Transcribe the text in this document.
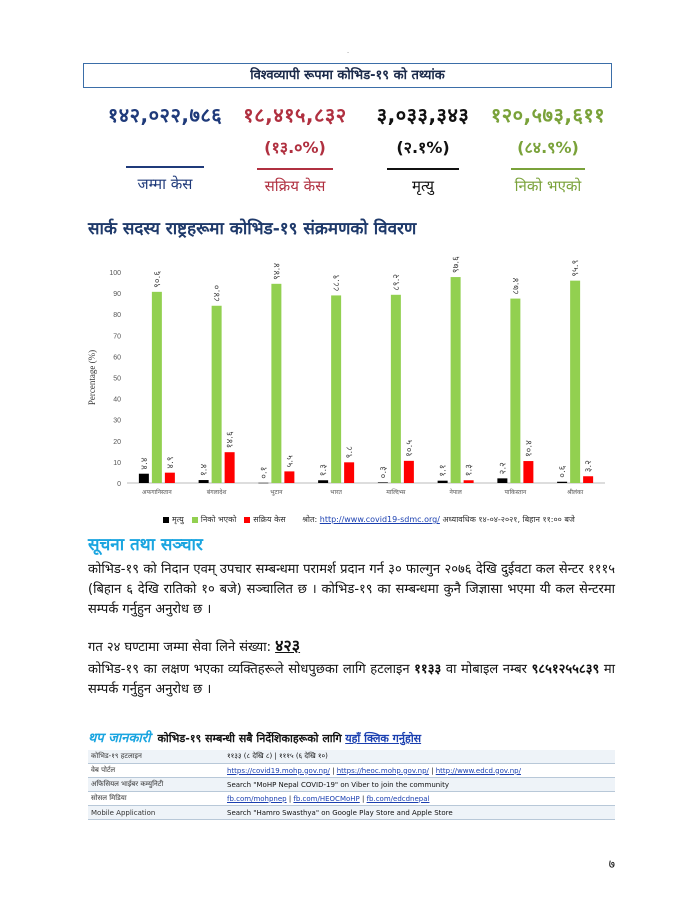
-
विश्वव्यापी रूपमा कोभिड-१९ को तथ्यांक
१४२,०२२,७८६
जम्मा केस
१८,४१५,८३२
(१३.०%)
सक्रिय केस
३,०३३,३४३
(२.१%)
मृत्यु
१२०,५७३,६११
(८४.९%)
निको भएको
सार्क सदस्य राष्ट्रहरूमा कोभिड-१९ संक्रमणको विवरण
0
10
20
30
40
50
60
70
80
90
100
Percentage (%)
४.४
९०.६
४.९
अफगानिस्तान
१.४
८४.०
१४.६
बंगलादेश
०.१
९४.४
५.५
भुटान
१.३
८८.९
९.८
भारत
०.३
८९.२
१०.५
माल्दिभ्स
१.१
९७.६
१.३
नेपाल
२.२
८७.४
१०.४
पाकिस्तान
०.६
९५.९
३.२
श्रीलंका
मृत्यु निको भएको सक्रिय केस श्रोत: http://www.covid19-sdmc.org/ अध्यावधिक १४-०४-२०२१, बिहान ११:०० बजे
सूचना तथा सञ्चार
कोभिड-१९ को निदान एवम् उपचार सम्बन्धमा परामर्श प्रदान गर्न ३० फाल्गुन २०७६ देखि दुईवटा कल सेन्टर १११५ (बिहान ६ देखि रातिको १० बजे) सञ्चालित छ । कोभिड-१९ का सम्बन्धमा कुनै जिज्ञासा भएमा यी कल सेन्टरमा सम्पर्क गर्नुहुन अनुरोध छ ।
गत २४ घण्टामा जम्मा सेवा लिने संख्या: ४२३
कोभिड-१९ का लक्षण भएका व्यक्तिहरूले सोधपुछका लागि हटलाइन ११३३ वा मोबाइल नम्बर ९८५१२५५८३९ मा सम्पर्क गर्नुहुन अनुरोध छ ।
थप जानकारी कोभिड-१९ सम्बन्धी सबै निर्देशिकाहरूको लागि यहाँ क्लिक गर्नुहोस
कोभिड-१९ हटलाइन	११३३ (८ देखि ८) | १११५ (६ देखि १०)
वेब पोर्टल	https://covid19.mohp.gov.np/ | https://heoc.mohp.gov.np/ | http://www.edcd.gov.np/
अफिसियल भाईबर कम्युनिटी	Search "MoHP Nepal COVID-19" on Viber to join the community
सोसल मिडिया	fb.com/mohpnep | fb.com/HEOCMoHP | fb.com/edcdnepal
Mobile Application	Search "Hamro Swasthya" on Google Play Store and Apple Store
७
